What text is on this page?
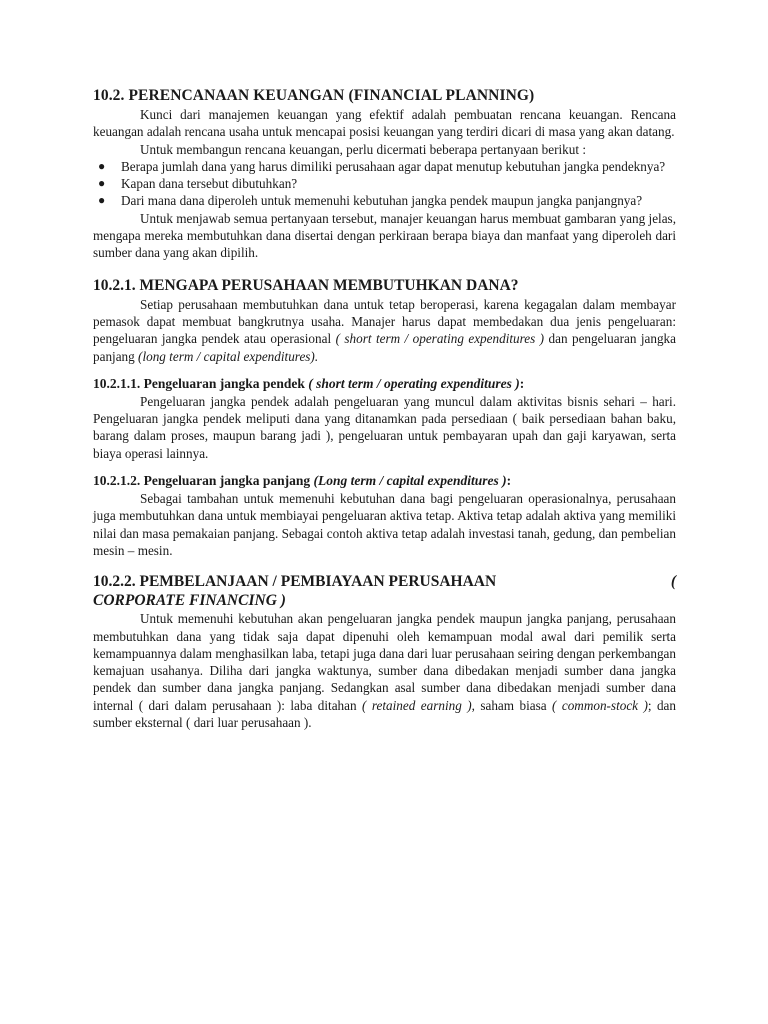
10.2. PERENCANAAN KEUANGAN (FINANCIAL PLANNING)

Kunci dari manajemen keuangan yang efektif adalah pembuatan rencana keuangan. Rencana keuangan adalah rencana usaha untuk mencapai posisi keuangan yang terdiri dicari di masa yang akan datang.

Untuk membangun rencana keuangan, perlu dicermati beberapa pertanyaan berikut :

● Berapa jumlah dana yang harus dimiliki perusahaan agar dapat menutup kebutuhan jangka pendeknya?
● Kapan dana tersebut dibutuhkan?
● Dari mana dana diperoleh untuk memenuhi kebutuhan jangka pendek maupun jangka panjangnya?

Untuk menjawab semua pertanyaan tersebut, manajer keuangan harus membuat gambaran yang jelas, mengapa mereka membutuhkan dana disertai dengan perkiraan berapa biaya dan manfaat yang diperoleh dari sumber dana yang akan dipilih.

10.2.1. MENGAPA PERUSAHAAN MEMBUTUHKAN DANA?

Setiap perusahaan membutuhkan dana untuk tetap beroperasi, karena kegagalan dalam membayar pemasok dapat membuat bangkrutnya usaha. Manajer harus dapat membedakan dua jenis pengeluaran: pengeluaran jangka pendek atau operasional ( short term / operating expenditures ) dan pengeluaran jangka panjang (long term / capital expenditures).

10.2.1.1. Pengeluaran jangka pendek ( short term / operating expenditures ):

Pengeluaran jangka pendek adalah pengeluaran yang muncul dalam aktivitas bisnis sehari – hari. Pengeluaran jangka pendek meliputi dana yang ditanamkan pada persediaan ( baik persediaan bahan baku, barang dalam proses, maupun barang jadi ), pengeluaran untuk pembayaran upah dan gaji karyawan, serta biaya operasi lainnya.

10.2.1.2. Pengeluaran jangka panjang (Long term / capital expenditures ):

Sebagai tambahan untuk memenuhi kebutuhan dana bagi pengeluaran operasionalnya, perusahaan juga membutuhkan dana untuk membiayai pengeluaran aktiva tetap. Aktiva tetap adalah aktiva yang memiliki nilai dan masa pemakaian panjang. Sebagai contoh aktiva tetap adalah investasi tanah, gedung, dan pembelian mesin – mesin.

10.2.2. PEMBELANJAAN / PEMBIAYAAN PERUSAHAAN	(
CORPORATE FINANCING )

Untuk memenuhi kebutuhan akan pengeluaran jangka pendek maupun jangka panjang, perusahaan membutuhkan dana yang tidak saja dapat dipenuhi oleh kemampuan modal awal dari pemilik serta kemampuannya dalam menghasilkan laba, tetapi juga dana dari luar perusahaan seiring dengan perkembangan kemajuan usahanya. Diliha dari jangka waktunya, sumber dana dibedakan menjadi sumber dana jangka pendek dan sumber dana jangka panjang. Sedangkan asal sumber dana dibedakan menjadi sumber dana internal ( dari dalam perusahaan ): laba ditahan ( retained earning ), saham biasa ( common-stock ); dan sumber eksternal ( dari luar perusahaan ).
